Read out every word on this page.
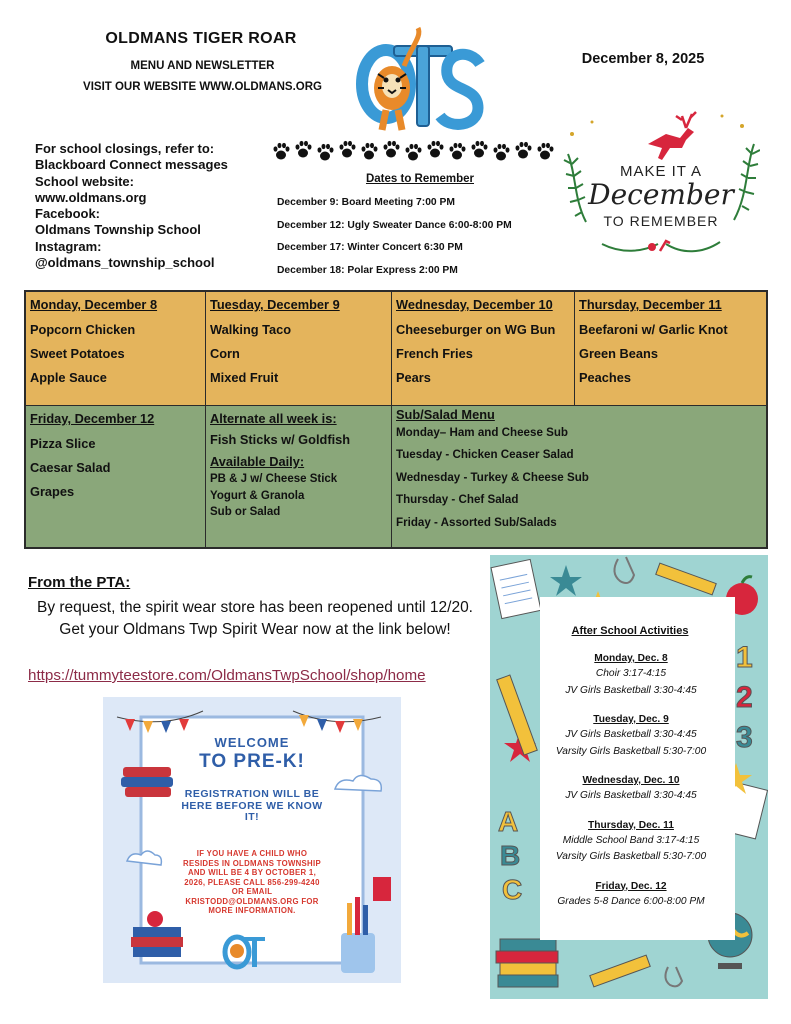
OLDMANS TIGER ROAR
MENU AND NEWSLETTER
VISIT OUR WEBSITE WWW.OLDMANS.ORG
December 8, 2025
For school closings, refer to:
Blackboard Connect messages
School website:
www.oldmans.org
Facebook:
Oldmans Township School
Instagram:
@oldmans_township_school
Dates to Remember
December 9: Board Meeting 7:00 PM
December 12: Ugly Sweater Dance 6:00-8:00 PM
December 17: Winter Concert 6:30 PM
December 18: Polar Express 2:00 PM
MAKE IT A
December
TO REMEMBER
Monday, December 8
Popcorn Chicken
Sweet Potatoes
Apple Sauce
Tuesday, December 9
Walking Taco
Corn
Mixed Fruit
Wednesday, December 10
Cheeseburger on WG Bun
French Fries
Pears
Thursday, December 11
Beefaroni w/ Garlic Knot
Green Beans
Peaches
Friday, December 12
Pizza Slice
Caesar Salad
Grapes
Alternate all week is:
Fish Sticks w/ Goldfish
Available Daily:
PB & J w/ Cheese Stick
Yogurt & Granola
Sub or Salad
Sub/Salad Menu
Monday– Ham and Cheese Sub
Tuesday - Chicken Ceaser Salad
Wednesday - Turkey & Cheese Sub
Thursday - Chef Salad
Friday - Assorted Sub/Salads
From the PTA:
By request, the spirit wear store has been reopened until 12/20. Get your Oldmans Twp Spirit Wear now at the link below!
https://tummyteestore.com/OldmansTwpSchool/shop/home
WELCOME
TO PRE-K!
REGISTRATION WILL BE HERE BEFORE WE KNOW IT!
IF YOU HAVE A CHILD WHO RESIDES IN OLDMANS TOWNSHIP AND WILL BE 4 BY OCTOBER 1, 2026, PLEASE CALL 856-299-4240 OR EMAIL KRISTODD@OLDMANS.ORG FOR MORE INFORMATION.
1
2
3
A
B
C
After School Activities
Monday, Dec. 8
Choir 3:17-4:15
JV Girls Basketball 3:30-4:45
Tuesday, Dec. 9
JV Girls Basketball 3:30-4:45
Varsity Girls Basketball 5:30-7:00
Wednesday, Dec. 10
JV Girls Basketball 3:30-4:45
Thursday, Dec. 11
Middle School Band 3:17-4:15
Varsity Girls Basketball 5:30-7:00
Friday, Dec. 12
Grades 5-8 Dance 6:00-8:00 PM
